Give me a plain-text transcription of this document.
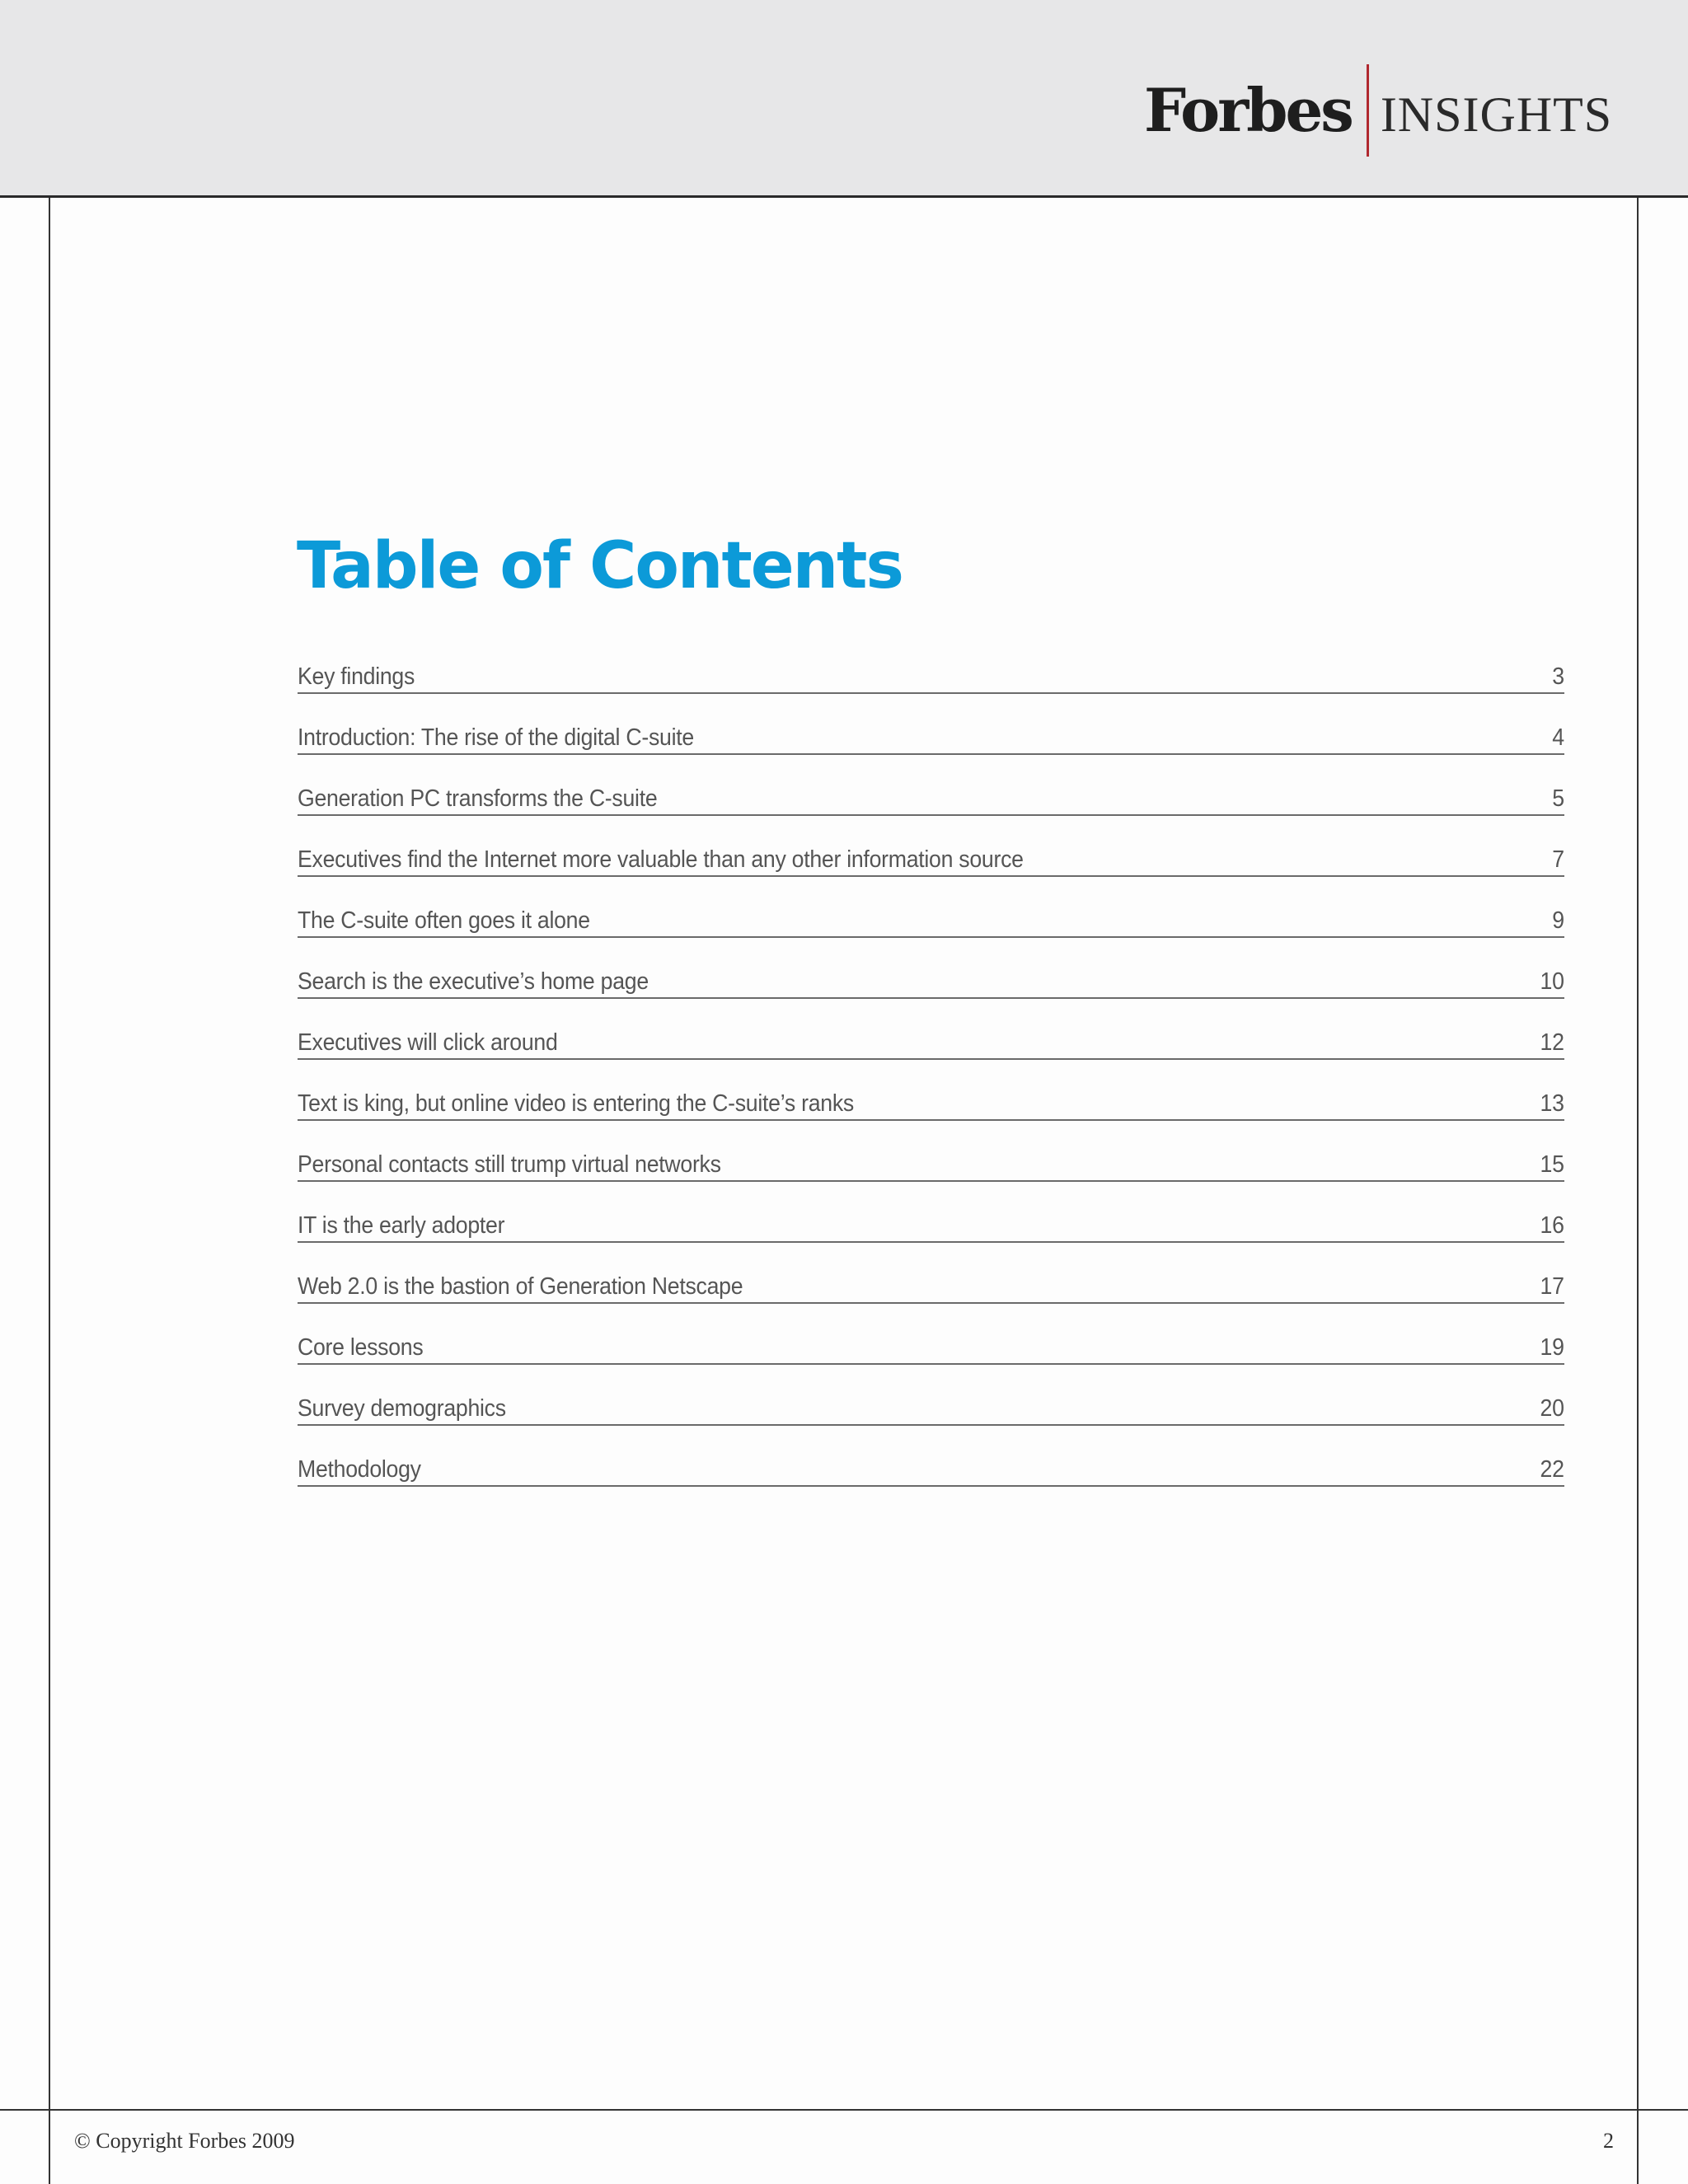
Forbes INSIGHTS
Table of Contents
Key findings	3
Introduction: The rise of the digital C-suite	4
Generation PC transforms the C-suite	5
Executives find the Internet more valuable than any other information source	7
The C-suite often goes it alone	9
Search is the executive’s home page	10
Executives will click around	12
Text is king, but online video is entering the C-suite’s ranks	13
Personal contacts still trump virtual networks	15
IT is the early adopter	16
Web 2.0 is the bastion of Generation Netscape	17
Core lessons	19
Survey demographics	20
Methodology	22
© Copyright Forbes 2009	2
